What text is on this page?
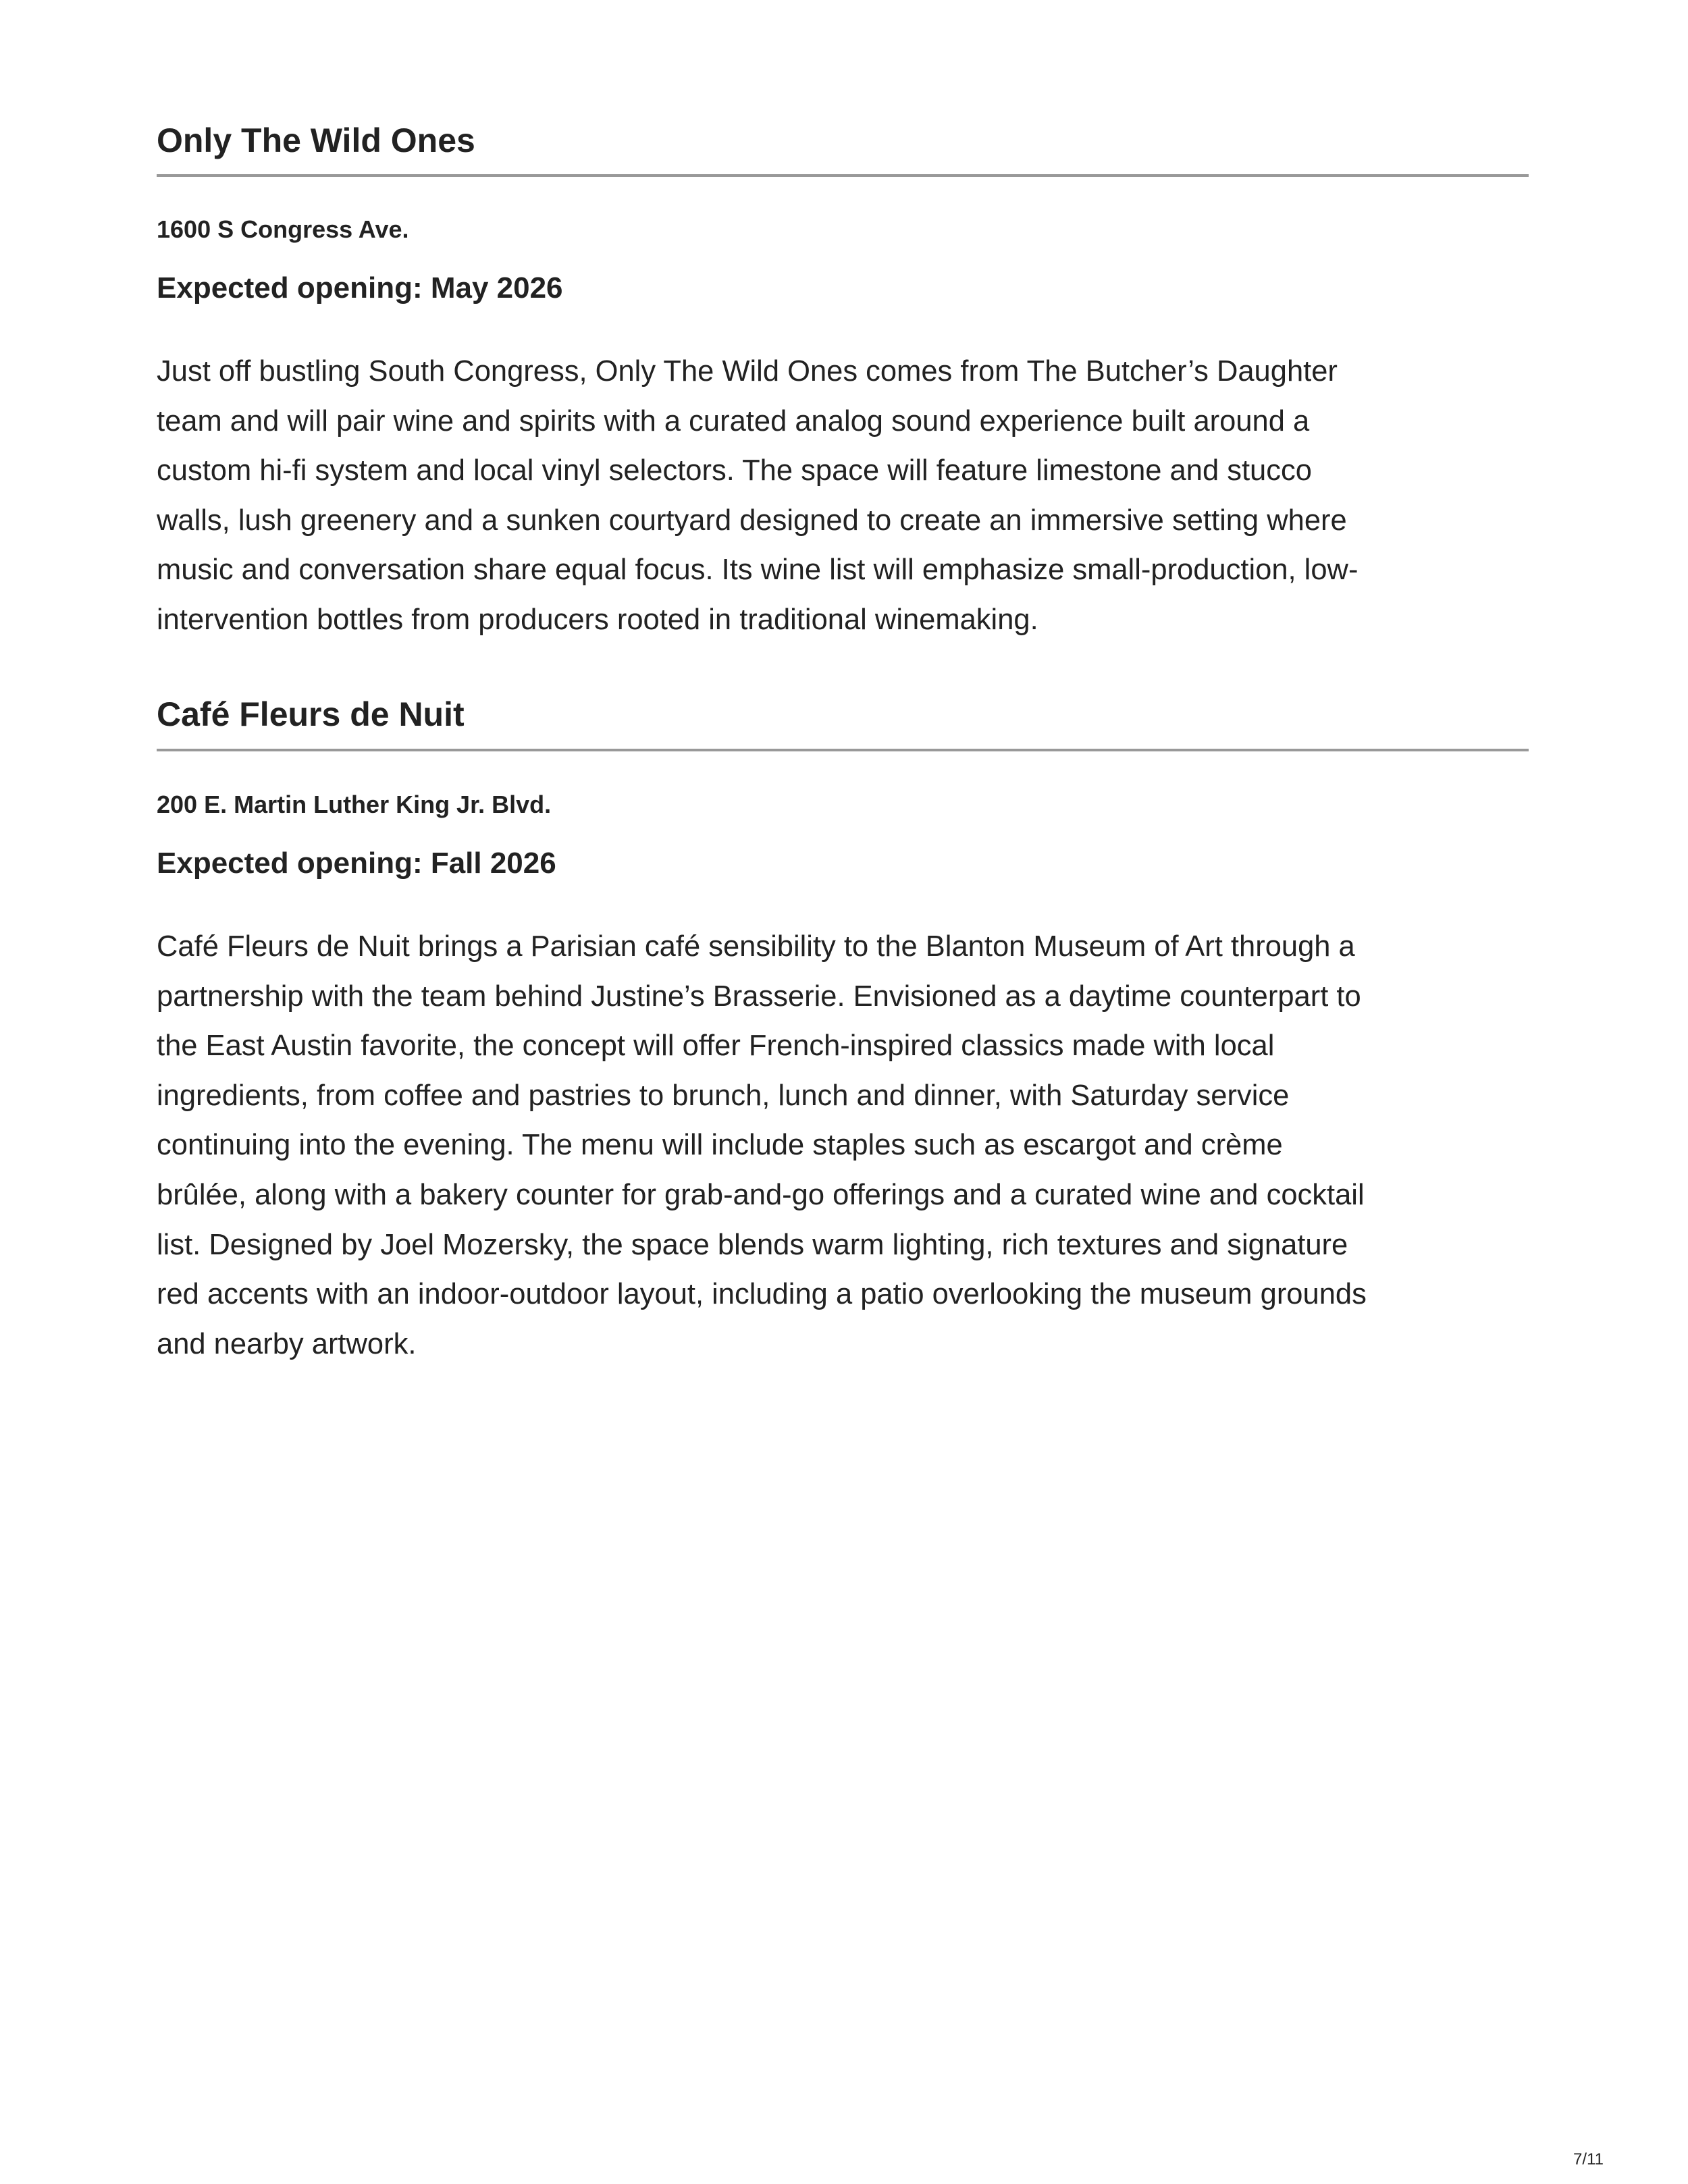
Only The Wild Ones

1600 S Congress Ave.

Expected opening: May 2026

Just off bustling South Congress, Only The Wild Ones comes from The Butcher’s Daughter
team and will pair wine and spirits with a curated analog sound experience built around a
custom hi-fi system and local vinyl selectors. The space will feature limestone and stucco
walls, lush greenery and a sunken courtyard designed to create an immersive setting where
music and conversation share equal focus. Its wine list will emphasize small-production, low-
intervention bottles from producers rooted in traditional winemaking.
Café Fleurs de Nuit

200 E. Martin Luther King Jr. Blvd.

Expected opening: Fall 2026

Café Fleurs de Nuit brings a Parisian café sensibility to the Blanton Museum of Art through a
partnership with the team behind Justine’s Brasserie. Envisioned as a daytime counterpart to
the East Austin favorite, the concept will offer French-inspired classics made with local
ingredients, from coffee and pastries to brunch, lunch and dinner, with Saturday service
continuing into the evening. The menu will include staples such as escargot and crème
brûlée, along with a bakery counter for grab-and-go offerings and a curated wine and cocktail
list. Designed by Joel Mozersky, the space blends warm lighting, rich textures and signature
red accents with an indoor-outdoor layout, including a patio overlooking the museum grounds
and nearby artwork.
7/11
